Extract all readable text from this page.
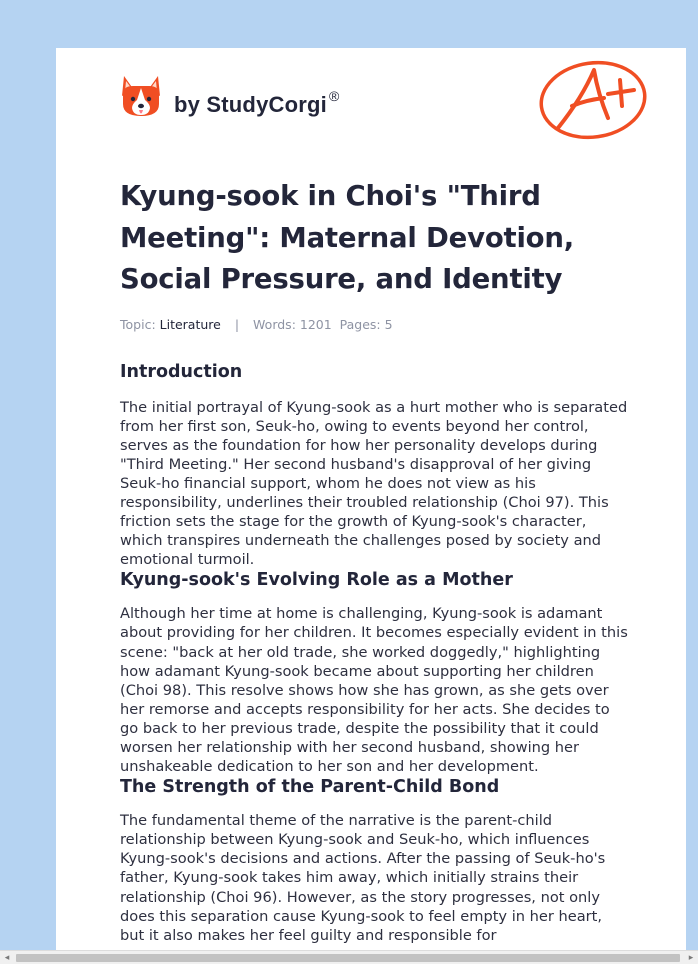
by StudyCorgi ®
Kyung-sook in Choi's "Third Meeting": Maternal Devotion, Social Pressure, and Identity
Topic: Literature | Words: 1201 Pages: 5
Introduction

The initial portrayal of Kyung-sook as a hurt mother who is separated from her first son, Seuk-ho, owing to events beyond her control, serves as the foundation for how her personality develops during "Third Meeting." Her second husband's disapproval of her giving Seuk-ho financial support, whom he does not view as his responsibility, underlines their troubled relationship (Choi 97). This friction sets the stage for the growth of Kyung-sook's character, which transpires underneath the challenges posed by society and emotional turmoil.

Kyung-sook's Evolving Role as a Mother

Although her time at home is challenging, Kyung-sook is adamant about providing for her children. It becomes especially evident in this scene: "back at her old trade, she worked doggedly," highlighting how adamant Kyung-sook became about supporting her children (Choi 98). This resolve shows how she has grown, as she gets over her remorse and accepts responsibility for her acts. She decides to go back to her previous trade, despite the possibility that it could worsen her relationship with her second husband, showing her unshakeable dedication to her son and her development.

The Strength of the Parent-Child Bond

The fundamental theme of the narrative is the parent-child relationship between Kyung-sook and Seuk-ho, which influences Kyung-sook's decisions and actions. After the passing of Seuk-ho's father, Kyung-sook takes him away, which initially strains their relationship (Choi 96). However, as the story progresses, not only does this separation cause Kyung-sook to feel empty in her heart, but it also makes her feel guilty and responsible for

◂	▸
